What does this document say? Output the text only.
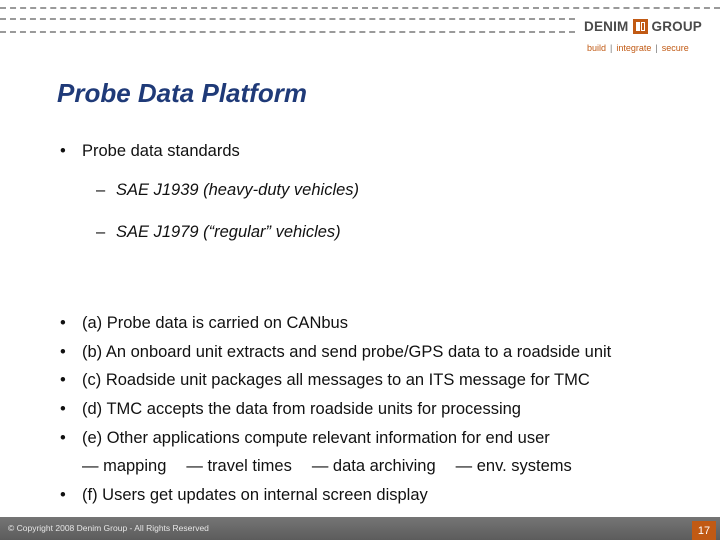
DENIM GROUP
build | integrate | secure
Probe Data Platform
• Probe data standards
– SAE J1939 (heavy-duty vehicles)
– SAE J1979 (“regular” vehicles)
• (a) Probe data is carried on CANbus
• (b) An onboard unit extracts and send probe/GPS data to a roadside unit
• (c) Roadside unit packages all messages to an ITS message for TMC
• (d) TMC accepts the data from roadside units for processing
• (e) Other applications compute relevant information for end user
— mapping — travel times — data archiving — env. systems
• (f) Users get updates on internal screen display
© Copyright 2008 Denim Group - All Rights Reserved	17
